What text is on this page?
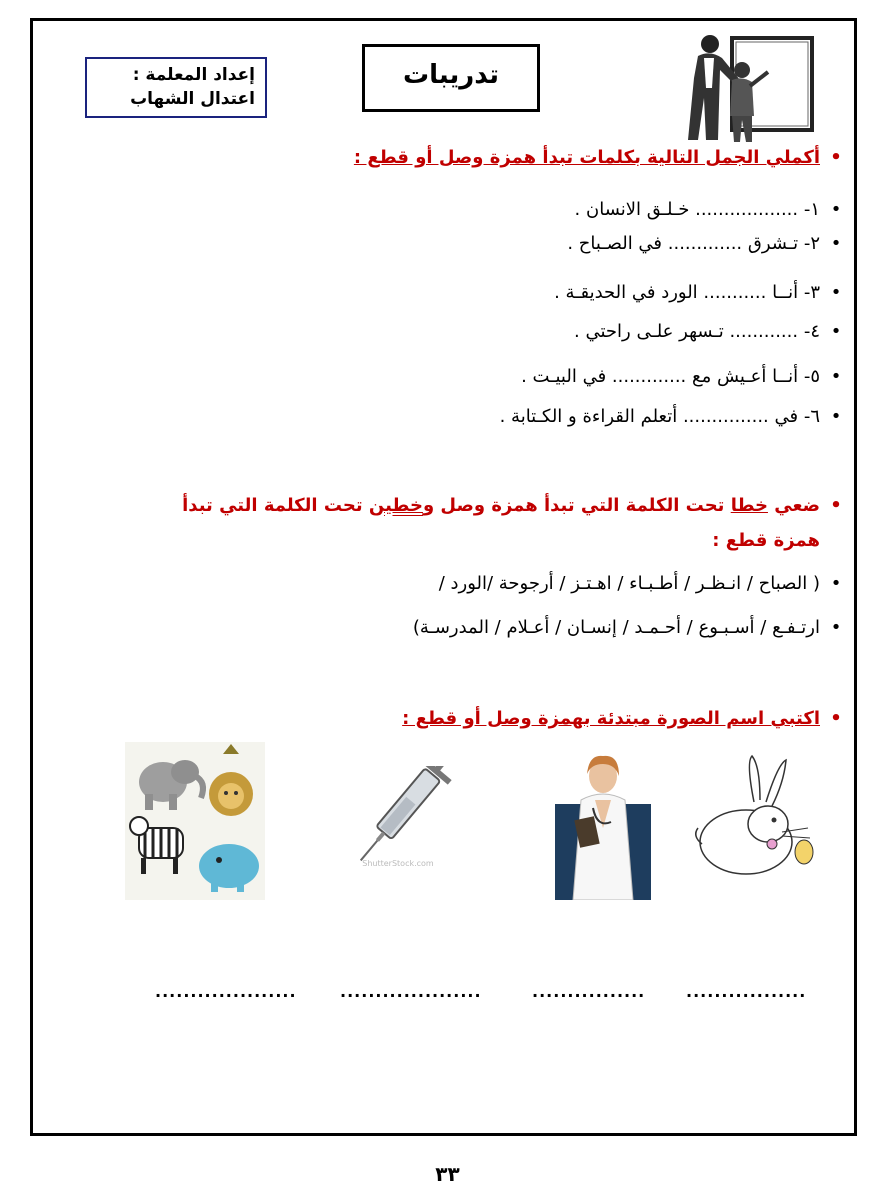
إعداد المعلمة :
اعتدال الشهاب
تدريبات
•أكملي الجمل التالية بكلمات تبدأ همزة وصل أو قطع :
•١- .................. خـلـق الانسان .
•٢- تـشرق ............. في الصـباح .
•٣- أنــا ........... الورد في الحديقـة .
•٤- ............ تـسهر علـى راحتي .
•٥- أنــا أعـيش مع ............. في البيـت .
•٦- في ............... أتعلم القراءة و الكـتابة .
•ضعي خطا تحت الكلمة التي تبدأ همزة وصل وخطين تحت الكلمة التي تبدأ
همزة قطع :
•( الصباح / انـظـر / أطـبـاء / اهـتـز / أرجوحة /الورد /
•ارتـفـع / أسـبـوع / أحـمـد / إنسـان / أعـلام / المدرسـة)
•اكتبي اسم الصورة مبتدئة بهمزة وصل أو قطع :
ShutterStock.com
....................	....................	................	.................
٣٣
